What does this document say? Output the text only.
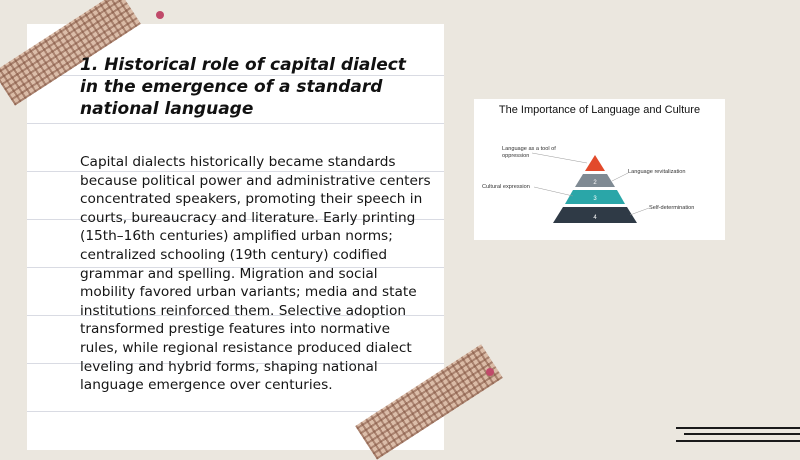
1. Historical role of capital dialect in the emergence of a standard national language

Capital dialects historically became standards because political power and administrative centers concentrated speakers, promoting their speech in courts, bureaucracy and literature. Early printing (15th–16th centuries) amplified urban norms; centralized schooling (19th century) codified grammar and spelling. Migration and social mobility favored urban variants; media and state institutions reinforced them. Selective adoption transformed prestige features into normative rules, while regional resistance produced dialect leveling and hybrid forms, shaping national language emergence over centuries.

The Importance of Language and Culture
2
3
4
Language as a tool of oppression
Language revitalization
Cultural expression
Self-determination
